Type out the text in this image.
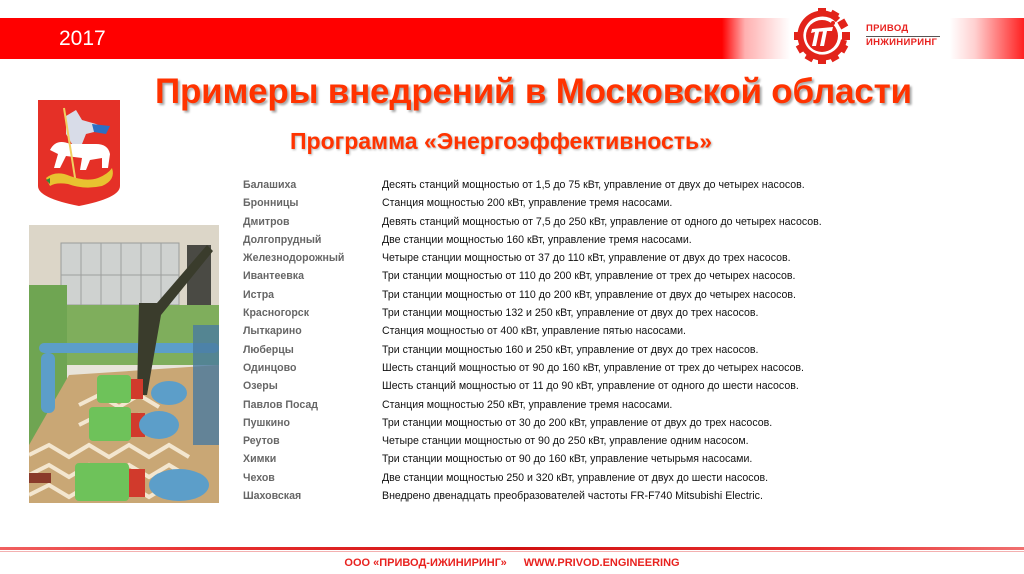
2017	ПРИВОД
ИНЖИНИРИНГ
Примеры внедрений в Московской области
Программа «Энергоэффективность»
Балашиха	Десять станций мощностью от 1,5 до 75 кВт, управление от двух до четырех насосов.
Бронницы	Станция мощностью 200 кВт, управление тремя насосами.
Дмитров	Девять станций мощностью от 7,5 до 250 кВт, управление от одного до четырех насосов.
Долгопрудный	Две станции мощностью 160 кВт, управление тремя насосами.
Железнодорожный	Четыре станции мощностью от 37 до 110 кВт, управление от двух до трех насосов.
Ивантеевка	Три станции мощностью от 110 до 200 кВт, управление от трех до четырех насосов.
Истра	Три станции мощностью от 110 до 200 кВт, управление от двух до четырех насосов.
Красногорск	Три станции мощностью 132 и 250 кВт, управление от двух до трех насосов.
Лыткарино	Станция мощностью от 400 кВт, управление пятью насосами.
Люберцы	Три станции мощностью 160 и 250 кВт, управление от двух до трех насосов.
Одинцово	Шесть станций мощностью от 90 до 160 кВт, управление от трех до четырех насосов.
Озеры	Шесть станций мощностью от 11 до 90 кВт, управление от одного до шести насосов.
Павлов Посад	Станция мощностью 250 кВт, управление тремя насосами.
Пушкино	Три станции мощностью от 30 до 200 кВт, управление от двух до трех насосов.
Реутов	Четыре станции мощностью от 90 до 250 кВт, управление одним насосом.
Химки	Три станции мощностью от 90 до 160 кВт, управление четырьмя насосами.
Чехов	Две станции мощностью 250 и 320 кВт, управление от двух до шести насосов.
Шаховская	Внедрено двенадцать преобразователей частоты FR-F740 Mitsubishi Electric.
ООО «ПРИВОД-ИЖИНИРИНГ» WWW.PRIVOD.ENGINEERING
